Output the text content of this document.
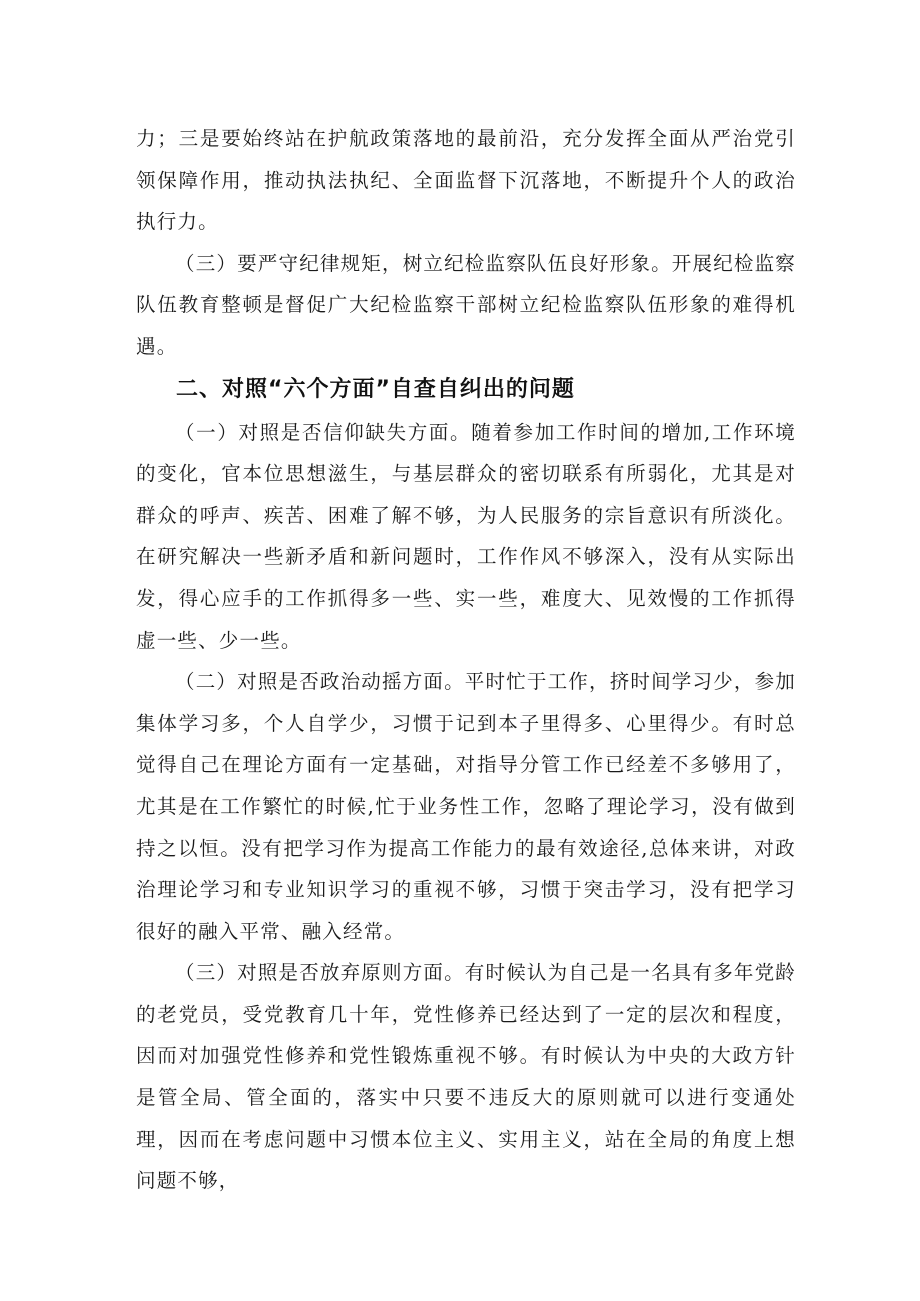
力；三是要始终站在护航政策落地的最前沿，充分发挥全面从严治党引领保障作用，推动执法执纪、全面监督下沉落地，不断提升个人的政治执行力。

（三）要严守纪律规矩，树立纪检监察队伍良好形象。开展纪检监察队伍教育整顿是督促广大纪检监察干部树立纪检监察队伍形象的难得机遇。

二、对照“六个方面”自查自纠出的问题

（一）对照是否信仰缺失方面。随着参加工作时间的增加,工作环境的变化，官本位思想滋生，与基层群众的密切联系有所弱化，尤其是对群众的呼声、疾苦、困难了解不够，为人民服务的宗旨意识有所淡化。在研究解决一些新矛盾和新问题时，工作作风不够深入，没有从实际出发，得心应手的工作抓得多一些、实一些，难度大、见效慢的工作抓得虚一些、少一些。

（二）对照是否政治动摇方面。平时忙于工作，挤时间学习少，参加集体学习多，个人自学少，习惯于记到本子里得多、心里得少。有时总觉得自己在理论方面有一定基础，对指导分管工作已经差不多够用了，尤其是在工作繁忙的时候,忙于业务性工作，忽略了理论学习，没有做到持之以恒。没有把学习作为提高工作能力的最有效途径,总体来讲，对政治理论学习和专业知识学习的重视不够，习惯于突击学习，没有把学习很好的融入平常、融入经常。

（三）对照是否放弃原则方面。有时候认为自己是一名具有多年党龄的老党员，受党教育几十年，党性修养已经达到了一定的层次和程度，因而对加强党性修养和党性锻炼重视不够。有时候认为中央的大政方针是管全局、管全面的，落实中只要不违反大的原则就可以进行变通处理，因而在考虑问题中习惯本位主义、实用主义，站在全局的角度上想问题不够，
